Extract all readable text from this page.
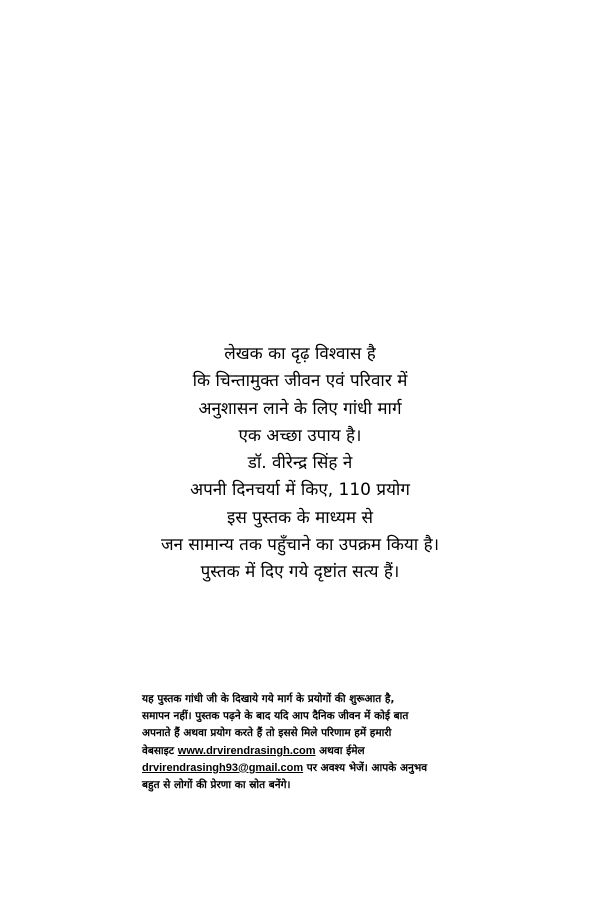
लेखक का दृढ़ विश्वास है
कि चिन्तामुक्त जीवन एवं परिवार में
अनुशासन लाने के लिए गांधी मार्ग
एक अच्छा उपाय है।
डॉ. वीरेन्द्र सिंह ने
अपनी दिनचर्या में किए, 110 प्रयोग
इस पुस्तक के माध्यम से
जन सामान्य तक पहुँचाने का उपक्रम किया है।
पुस्तक में दिए गये दृष्टांत सत्य हैं।
यह पुस्तक गांधी जी के दिखाये गये मार्ग के प्रयोगों की शुरूआत है,
समापन नहीं। पुस्तक पढ़ने के बाद यदि आप दैनिक जीवन में कोई बात
अपनाते हैं अथवा प्रयोग करते हैं तो इससे मिले परिणाम हमें हमारी
वेबसाइट www.drvirendrasingh.com अथवा ईमेल
drvirendrasingh93@gmail.com पर अवश्य भेजें। आपके अनुभव
बहुत से लोगों की प्रेरणा का स्रोत बनेंगे।
